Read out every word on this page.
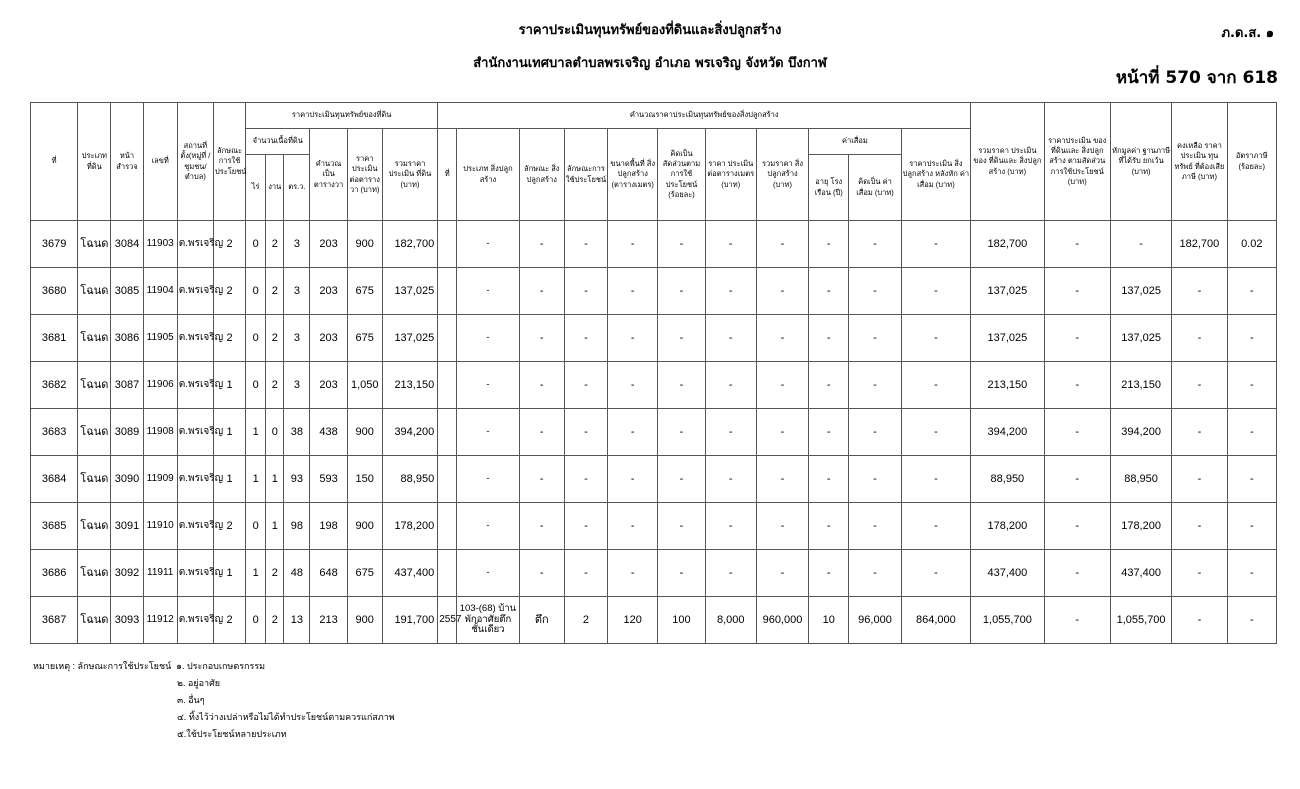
ราคาประเมินทุนทรัพย์ของที่ดินและสิ่งปลูกสร้าง
สำนักงานเทศบาลตำบลพรเจริญ อำเภอ พรเจริญ จังหวัด บึงกาฬ
ภ.ด.ส. ๑
หน้าที่ 570 จาก 618
ที่	ประเภท ที่ดิน	หน้า สำรวจ	เลขที่	สถานที่ ตั้ง(หมู่ที่ /ชุมชน/ ตำบล)	ลักษณะ การใช้ ประโยชน์	ราคาประเมินทุนทรัพย์ของที่ดิน						คำนวณราคาประเมินทุนทรัพย์ของสิ่งปลูกสร้าง											รวมราคา ประเมินของ ที่ดินและ สิ่งปลูกสร้าง (บาท)	ราคาประเมิน ของที่ดินและ สิ่งปลูกสร้าง ตามสัดส่วน การใช้ประโยชน์ (บาท)	หักมูลค่า ฐานภาษี ที่ได้รับ ยกเว้น (บาท)	คงเหลือ ราคาประเมิน ทุนทรัพย์ ที่ต้องเสียภาษี (บาท)	อัตราภาษี (ร้อยละ)
						จำนวนเนื้อที่ดิน			คำนวณ เป็น ตารางวา	ราคา ประเมิน ต่อตารางวา (บาท)	รวมราคา ประเมิน ที่ดิน (บาท)	ที่	ประเภท สิ่งปลูกสร้าง	ลักษณะ สิ่งปลูกสร้าง	ลักษณะการ ใช้ประโยชน์	ขนาดพื้นที่ สิ่งปลูกสร้าง (ตารางเมตร)	คิดเป็น สัดส่วนตาม การใช้ ประโยชน์ (ร้อยละ)	ราคา ประเมิน ต่อตารางเมตร (บาท)	รวมราคา สิ่งปลูกสร้าง (บาท)	ค่าเสื่อม		ราคาประเมิน สิ่งปลูกสร้าง หลังหัก ค่าเสื่อม (บาท)					
						ไร่	งาน	ตร.ว.												อายุ โรงเรือน (ปี)	คิดเป็น ค่าเสื่อม (บาท)						
3679	โฉนด	3084	11903	ต.พรเจริญ	2	0	2	3	203	900	182,700		-	-	-	-	-	-	-	-	-	-	182,700	-	-	182,700	0.02
3680	โฉนด	3085	11904	ต.พรเจริญ	2	0	2	3	203	675	137,025		-	-	-	-	-	-	-	-	-	-	137,025	-	137,025	-	-
3681	โฉนด	3086	11905	ต.พรเจริญ	2	0	2	3	203	675	137,025		-	-	-	-	-	-	-	-	-	-	137,025	-	137,025	-	-
3682	โฉนด	3087	11906	ต.พรเจริญ	1	0	2	3	203	1,050	213,150		-	-	-	-	-	-	-	-	-	-	213,150	-	213,150	-	-
3683	โฉนด	3089	11908	ต.พรเจริญ	1	1	0	38	438	900	394,200		-	-	-	-	-	-	-	-	-	-	394,200	-	394,200	-	-
3684	โฉนด	3090	11909	ต.พรเจริญ	1	1	1	93	593	150	88,950		-	-	-	-	-	-	-	-	-	-	88,950	-	88,950	-	-
3685	โฉนด	3091	11910	ต.พรเจริญ	2	0	1	98	198	900	178,200		-	-	-	-	-	-	-	-	-	-	178,200	-	178,200	-	-
3686	โฉนด	3092	11911	ต.พรเจริญ	1	1	2	48	648	675	437,400		-	-	-	-	-	-	-	-	-	-	437,400	-	437,400	-	-
3687	โฉนด	3093	11912	ต.พรเจริญ	2	0	2	13	213	900	191,700	2557	103-(68) บ้านพักอาศัยตึกชั้นเดียว	ตึก	2	120	100	8,000	960,000	10	96,000	864,000	1,055,700	-	1,055,700	-	-
หมายเหตุ : ลักษณะการใช้ประโยชน์ ๑. ประกอบเกษตรกรรม
๒. อยู่อาศัย
๓. อื่นๆ
๔. ทิ้งไว้ว่างเปล่าหรือไม่ได้ทำประโยชน์ตามควรแก่สภาพ
๕.ใช้ประโยชน์หลายประเภท
